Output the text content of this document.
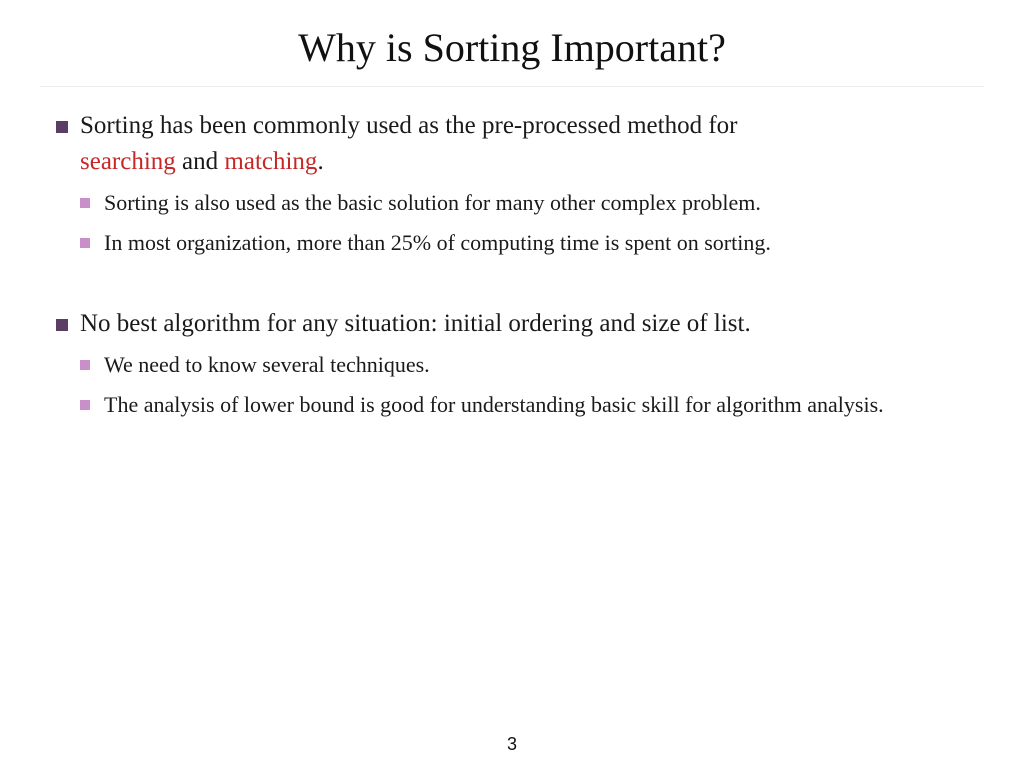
Why is Sorting Important?
Sorting has been commonly used as the pre-processed method for
searching and matching.
Sorting is also used as the basic solution for many other complex problem.
In most organization, more than 25% of computing time is spent on sorting.
No best algorithm for any situation: initial ordering and size of list.
We need to know several techniques.
The analysis of lower bound is good for understanding basic skill for algorithm analysis.
3
